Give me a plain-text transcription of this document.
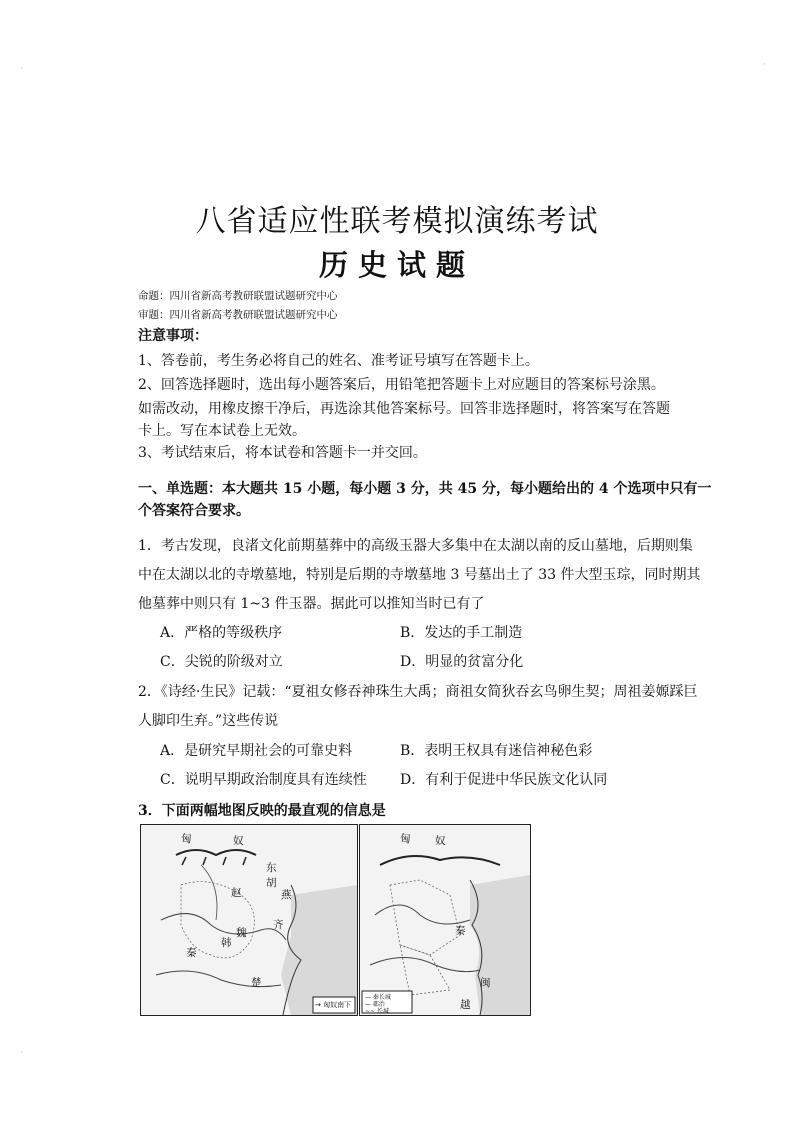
·	·
·
八省适应性联考模拟演练考试
历史试题
命题：四川省新高考教研联盟试题研究中心
审题：四川省新高考教研联盟试题研究中心
注意事项：
1、答卷前，考生务必将自己的姓名、准考证号填写在答题卡上。
2、回答选择题时，选出每小题答案后，用铅笔把答题卡上对应题目的答案标号涂黑。
如需改动，用橡皮擦干净后，再选涂其他答案标号。回答非选择题时，将答案写在答题
卡上。写在本试卷上无效。
3、考试结束后，将本试卷和答题卡一并交回。
一、单选题：本大题共 15 小题，每小题 3 分，共 45 分，每小题给出的 4 个选项中只有一
个答案符合要求。
1．考古发现，良渚文化前期墓葬中的高级玉器大多集中在太湖以南的反山墓地，后期则集
中在太湖以北的寺墩墓地，特别是后期的寺墩墓地 3 号墓出土了 33 件大型玉琮，同时期其
他墓葬中则只有 1~3 件玉器。据此可以推知当时已有了
A．严格的等级秩序	B．发达的手工制造
C．尖锐的阶级对立	D．明显的贫富分化
2．《诗经·生民》记载：“夏祖女修吞神珠生大禹；商祖女简狄吞玄鸟卵生契；周祖姜嫄踩巨
人脚印生弃。”这些传说
A．是研究早期社会的可靠史料	B．表明王权具有迷信神秘色彩
C．说明早期政治制度具有连续性 D．有利于促进中华民族文化认同
3．下面两幅地图反映的最直观的信息是
匈	奴
东
胡
楚
赵	燕
齐
魏
韩
秦
→ 匈奴南下
匈 奴
秦
闽
越
— 秦长城
— 郡治
~~ 长城
